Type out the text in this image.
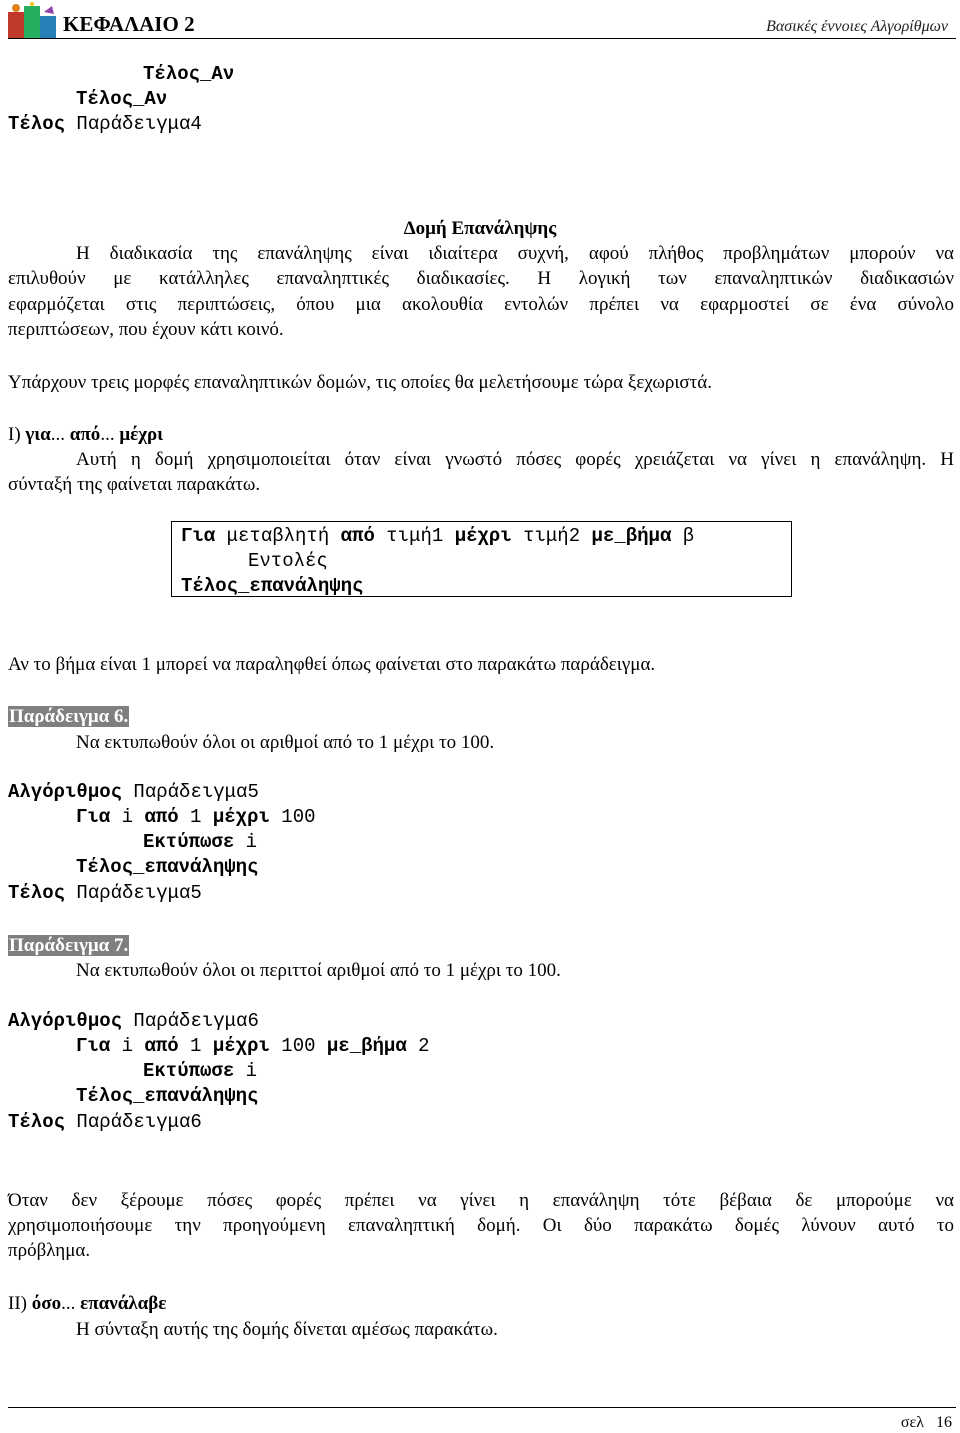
ΚΕΦΑΛΑΙΟ 2	Βασικές έννοιες Αλγορίθμων
Τέλος_Αν
Τέλος_Αν
Τέλος Παράδειγμα4
Δομή Επανάληψης
Η διαδικασία της επανάληψης είναι ιδιαίτερα συχνή, αφού πλήθος προβλημάτων μπορούν να
επιλυθούν με κατάλληλες επαναληπτικές διαδικασίες. Η λογική των επαναληπτικών διαδικασιών
εφαρμόζεται στις περιπτώσεις, όπου μια ακολουθία εντολών πρέπει να εφαρμοστεί σε ένα σύνολο
περιπτώσεων, που έχουν κάτι κοινό.
Υπάρχουν τρεις μορφές επαναληπτικών δομών, τις οποίες θα μελετήσουμε τώρα ξεχωριστά.
Ι) για... από... μέχρι
Αυτή η δομή χρησιμοποιείται όταν είναι γνωστό πόσες φορές χρειάζεται να γίνει η επανάληψη. Η
σύνταξή της φαίνεται παρακάτω.
Για μεταβλητή από τιμή1 μέχρι τιμή2 με_βήμα β
Εντολές
Τέλος_επανάληψης
Αν το βήμα είναι 1 μπορεί να παραληφθεί όπως φαίνεται στο παρακάτω παράδειγμα.
Παράδειγμα 6.
Να εκτυπωθούν όλοι οι αριθμοί από το 1 μέχρι το 100.
Αλγόριθμος Παράδειγμα5
Για i από 1 μέχρι 100
Εκτύπωσε i
Τέλος_επανάληψης
Τέλος Παράδειγμα5
Παράδειγμα 7.
Να εκτυπωθούν όλοι οι περιττοί αριθμοί από το 1 μέχρι το 100.
Αλγόριθμος Παράδειγμα6
Για i από 1 μέχρι 100 με_βήμα 2
Εκτύπωσε i
Τέλος_επανάληψης
Τέλος Παράδειγμα6
Όταν δεν ξέρουμε πόσες φορές πρέπει να γίνει η επανάληψη τότε βέβαια δε μπορούμε να
χρησιμοποιήσουμε την προηγούμενη επαναληπτική δομή. Οι δύο παρακάτω δομές λύνουν αυτό το
πρόβλημα.
ΙΙ) όσο... επανάλαβε
Η σύνταξη αυτής της δομής δίνεται αμέσως παρακάτω.
σελ 16
